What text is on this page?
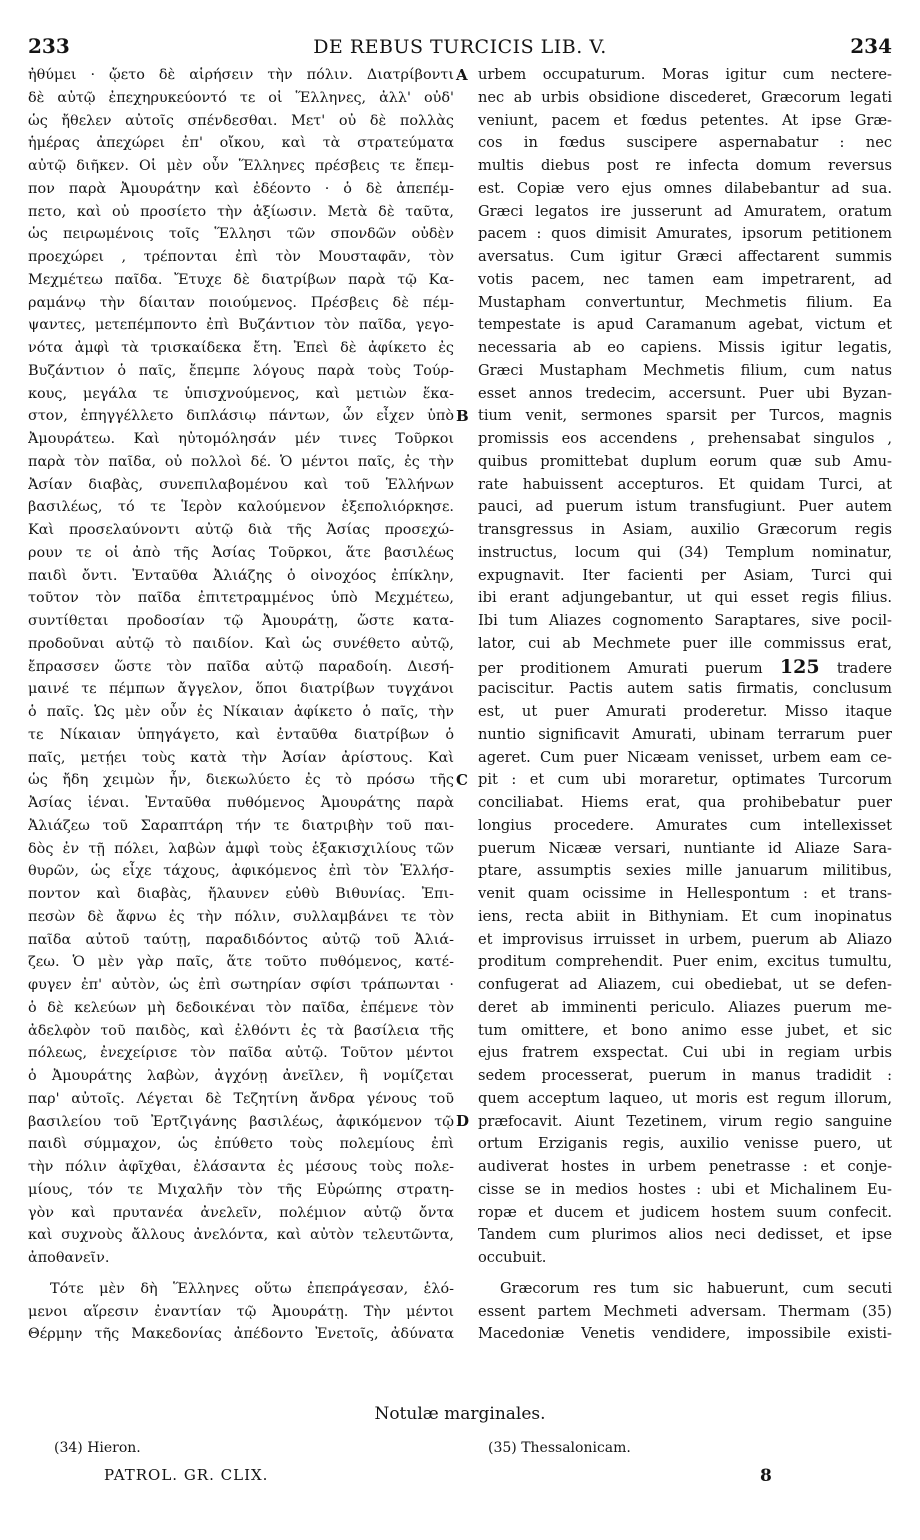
233	DE REBUS TURCICIS LIB. V.	234
ἠθύμει · ᾤετο δὲ αἱρήσειν τὴν πόλιν. Διατρίβοντι
δὲ αὐτῷ ἐπεχηρυκεύοντό τε οἱ Ἕλληνες, ἀλλ' οὐδ'
ὡς ἤθελεν αὐτοῖς σπένδεσθαι. Μετ' οὐ δὲ πολλὰς
ἡμέρας ἀπεχώρει ἐπ' οἴκου, καὶ τὰ στρατεύματα
αὐτῷ διῆκεν. Οἱ μὲν οὖν Ἕλληνες πρέσβεις τε ἔπεμ-
πον παρὰ Ἀμουράτην καὶ ἐδέοντο · ὁ δὲ ἀπεπέμ-
πετο, καὶ οὐ προσίετο τὴν ἀξίωσιν. Μετὰ δὲ ταῦτα,
ὡς πειρωμένοις τοῖς Ἕλλησι τῶν σπονδῶν οὐδὲν
προεχώρει , τρέπονται ἐπὶ τὸν Μουσταφᾶν, τὸν
Μεχμέτεω παῖδα. Ἔτυχε δὲ διατρίβων παρὰ τῷ Κα-
ραμάνῳ τὴν δίαιταν ποιούμενος. Πρέσβεις δὲ πέμ-
ψαντες, μετεπέμποντο ἐπὶ Βυζάντιον τὸν παῖδα, γεγο-
νότα ἀμφὶ τὰ τρισκαίδεκα ἔτη. Ἐπεὶ δὲ ἀφίκετο ἐς
Βυζάντιον ὁ παῖς, ἔπεμπε λόγους παρὰ τοὺς Τούρ-
κους, μεγάλα τε ὑπισχνούμενος, καὶ μετιὼν ἕκα-
στον, ἐπηγγέλλετο διπλάσιῳ πάντων, ὧν εἶχεν ὑπὸ
Ἀμουράτεω. Καὶ ηὐτομόλησάν μέν τινες Τοῦρκοι
παρὰ τὸν παῖδα, οὐ πολλοὶ δέ. Ὁ μέντοι παῖς, ἐς τὴν
Ἀσίαν διαβὰς, συνεπιλαβομένου καὶ τοῦ Ἑλλήνων
βασιλέως, τό τε Ἱερὸν καλούμενον ἐξεπολιόρκησε.
Καὶ προσελαύνοντι αὐτῷ διὰ τῆς Ἀσίας προσεχώ-
ρουν τε οἱ ἀπὸ τῆς Ἀσίας Τοῦρκοι, ἅτε βασιλέως
παιδὶ ὄντι. Ἐνταῦθα Ἀλιάζης ὁ οἰνοχόος ἐπίκλην,
τοῦτον τὸν παῖδα ἐπιτετραμμένος ὑπὸ Μεχμέτεω,
συντίθεται προδοσίαν τῷ Ἀμουράτῃ, ὥστε κατα-
προδοῦναι αὐτῷ τὸ παιδίον. Καὶ ὡς συνέθετο αὐτῷ,
ἔπρασσεν ὥστε τὸν παῖδα αὐτῷ παραδοίη. Διεσή-
μαινέ τε πέμπων ἄγγελον, ὅποι διατρίβων τυγχάνοι
ὁ παῖς. Ὡς μὲν οὖν ἐς Νίκαιαν ἀφίκετο ὁ παῖς, τὴν
τε Νίκαιαν ὑπηγάγετο, καὶ ἐνταῦθα διατρίβων ὁ
παῖς, μετῄει τοὺς κατὰ τὴν Ἀσίαν ἀρίστους. Καὶ
ὡς ἤδη χειμὼν ἦν, διεκωλύετο ἐς τὸ πρόσω τῆς
Ἀσίας ἰέναι. Ἐνταῦθα πυθόμενος Ἀμουράτης παρὰ
Ἀλιάζεω τοῦ Σαραπτάρη τήν τε διατριβὴν τοῦ παι-
δὸς ἐν τῇ πόλει, λαβὼν ἀμφὶ τοὺς ἑξακισχιλίους τῶν
θυρῶν, ὡς εἶχε τάχους, ἀφικόμενος ἐπὶ τὸν Ἑλλήσ-
ποντον καὶ διαβὰς, ἤλαυνεν εὐθὺ Βιθυνίας. Ἐπι-
πεσὼν δὲ ἄφνω ἐς τὴν πόλιν, συλλαμβάνει τε τὸν
παῖδα αὐτοῦ ταύτῃ, παραδιδόντος αὐτῷ τοῦ Ἀλιά-
ζεω. Ὁ μὲν γὰρ παῖς, ἅτε τοῦτο πυθόμενος, κατέ-
φυγεν ἐπ' αὐτὸν, ὡς ἐπὶ σωτηρίαν σφίσι τράπωνται ·
ὁ δὲ κελεύων μὴ δεδοικέναι τὸν παῖδα, ἐπέμενε τὸν
ἀδελφὸν τοῦ παιδὸς, καὶ ἐλθόντι ἐς τὰ βασίλεια τῆς
πόλεως, ἐνεχείρισε τὸν παῖδα αὐτῷ. Τοῦτον μέντοι
ὁ Ἀμουράτης λαβὼν, ἀγχόνῃ ἀνεῖλεν, ἣ νομίζεται
παρ' αὐτοῖς. Λέγεται δὲ Τεζητίνη ἄνδρα γένους τοῦ
βασιλείου τοῦ Ἐρτζιγάνης βασιλέως, ἀφικόμενον τῷ
παιδὶ σύμμαχον, ὡς ἐπύθετο τοὺς πολεμίους ἐπὶ
τὴν πόλιν ἀφῖχθαι, ἐλάσαντα ἐς μέσους τοὺς πολε-
μίους, τόν τε Μιχαλῆν τὸν τῆς Εὐρώπης στρατη-
γὸν καὶ πρυτανέα ἀνελεῖν, πολέμιον αὐτῷ ὄντα
καὶ συχνοὺς ἄλλους ἀνελόντα, καὶ αὐτὸν τελευτῶντα,
ἀποθανεῖν.
Τότε μὲν δὴ Ἕλληνες οὕτω ἐπεπράγεσαν, ἑλό-
μενοι αἵρεσιν ἐναντίαν τῷ Ἀμουράτῃ. Τὴν μέντοι
Θέρμην τῆς Μακεδονίας ἀπέδοντο Ἐνετοῖς, ἀδύνατα
A
B
C
D
urbem occupaturum. Moras igitur cum nectere-
nec ab urbis obsidione discederet, Græcorum legati
veniunt, pacem et fœdus petentes. At ipse Græ-
cos in fœdus suscipere aspernabatur : nec
multis diebus post re infecta domum reversus
est. Copiæ vero ejus omnes dilabebantur ad sua.
Græci legatos ire jusserunt ad Amuratem, oratum
pacem : quos dimisit Amurates, ipsorum petitionem
aversatus. Cum igitur Græci affectarent summis
votis pacem, nec tamen eam impetrarent, ad
Mustapham convertuntur, Mechmetis filium. Ea
tempestate is apud Caramanum agebat, victum et
necessaria ab eo capiens. Missis igitur legatis,
Græci Mustapham Mechmetis filium, cum natus
esset annos tredecim, accersunt. Puer ubi Byzan-
tium venit, sermones sparsit per Turcos, magnis
promissis eos accendens , prehensabat singulos ,
quibus promittebat duplum eorum quæ sub Amu-
rate habuissent accepturos. Et quidam Turci, at
pauci, ad puerum istum transfugiunt. Puer autem
transgressus in Asiam, auxilio Græcorum regis
instructus, locum qui (34) Templum nominatur,
expugnavit. Iter facienti per Asiam, Turci qui
ibi erant adjungebantur, ut qui esset regis filius.
Ibi tum Aliazes cognomento Saraptares, sive pocil-
lator, cui ab Mechmete puer ille commissus erat,
per proditionem Amurati puerum 125 tradere
paciscitur. Pactis autem satis firmatis, conclusum
est, ut puer Amurati proderetur. Misso itaque
nuntio significavit Amurati, ubinam terrarum puer
ageret. Cum puer Nicæam venisset, urbem eam ce-
pit : et cum ubi moraretur, optimates Turcorum
conciliabat. Hiems erat, qua prohibebatur puer
longius procedere. Amurates cum intellexisset
puerum Nicææ versari, nuntiante id Aliaze Sara-
ptare, assumptis sexies mille januarum militibus,
venit quam ocissime in Hellespontum : et trans-
iens, recta abiit in Bithyniam. Et cum inopinatus
et improvisus irruisset in urbem, puerum ab Aliazo
proditum comprehendit. Puer enim, excitus tumultu,
confugerat ad Aliazem, cui obediebat, ut se defen-
deret ab imminenti periculo. Aliazes puerum me-
tum omittere, et bono animo esse jubet, et sic
ejus fratrem exspectat. Cui ubi in regiam urbis
sedem processerat, puerum in manus tradidit :
quem acceptum laqueo, ut moris est regum illorum,
præfocavit. Aiunt Tezetinem, virum regio sanguine
ortum Erziganis regis, auxilio venisse puero, ut
audiverat hostes in urbem penetrasse : et conje-
cisse se in medios hostes : ubi et Michalinem Eu-
ropæ et ducem et judicem hostem suum confecit.
Tandem cum plurimos alios neci dedisset, et ipse
occubuit.
Græcorum res tum sic habuerunt, cum secuti
essent partem Mechmeti adversam. Thermam (35)
Macedoniæ Venetis vendidere, impossibile existi-
Notulæ marginales.
(34) Hieron.	(35) Thessalonicam.
PATROL. GR. CLIX.	8
